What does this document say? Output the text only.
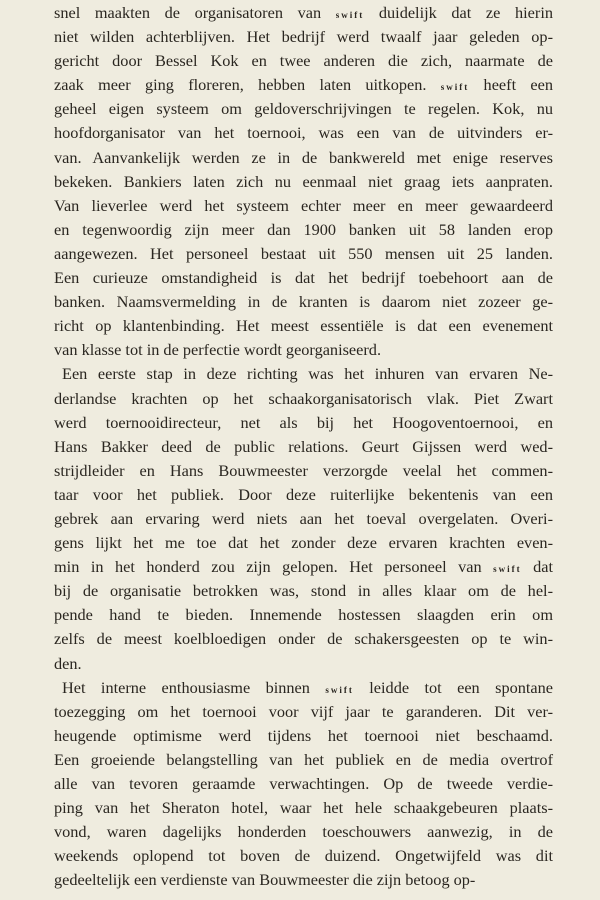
snel maakten de organisatoren van swift duidelijk dat ze hierin
niet wilden achterblijven. Het bedrijf werd twaalf jaar geleden op-
gericht door Bessel Kok en twee anderen die zich, naarmate de
zaak meer ging floreren, hebben laten uitkopen. swift heeft een
geheel eigen systeem om geldoverschrijvingen te regelen. Kok, nu
hoofdorganisator van het toernooi, was een van de uitvinders er-
van. Aanvankelijk werden ze in de bankwereld met enige reserves
bekeken. Bankiers laten zich nu eenmaal niet graag iets aanpraten.
Van lieverlee werd het systeem echter meer en meer gewaardeerd
en tegenwoordig zijn meer dan 1900 banken uit 58 landen erop
aangewezen. Het personeel bestaat uit 550 mensen uit 25 landen.
Een curieuze omstandigheid is dat het bedrijf toebehoort aan de
banken. Naamsvermelding in de kranten is daarom niet zozeer ge-
richt op klantenbinding. Het meest essentiële is dat een evenement
van klasse tot in de perfectie wordt georganiseerd.
Een eerste stap in deze richting was het inhuren van ervaren Ne-
derlandse krachten op het schaakorganisatorisch vlak. Piet Zwart
werd toernooidirecteur, net als bij het Hoogoventoernooi, en
Hans Bakker deed de public relations. Geurt Gijssen werd wed-
strijdleider en Hans Bouwmeester verzorgde veelal het commen-
taar voor het publiek. Door deze ruiterlijke bekentenis van een
gebrek aan ervaring werd niets aan het toeval overgelaten. Overi-
gens lijkt het me toe dat het zonder deze ervaren krachten even-
min in het honderd zou zijn gelopen. Het personeel van swift dat
bij de organisatie betrokken was, stond in alles klaar om de hel-
pende hand te bieden. Innemende hostessen slaagden erin om
zelfs de meest koelbloedigen onder de schakersgeesten op te win-
den.
Het interne enthousiasme binnen swift leidde tot een spontane
toezegging om het toernooi voor vijf jaar te garanderen. Dit ver-
heugende optimisme werd tijdens het toernooi niet beschaamd.
Een groeiende belangstelling van het publiek en de media overtrof
alle van tevoren geraamde verwachtingen. Op de tweede verdie-
ping van het Sheraton hotel, waar het hele schaakgebeuren plaats-
vond, waren dagelijks honderden toeschouwers aanwezig, in de
weekends oplopend tot boven de duizend. Ongetwijfeld was dit
gedeeltelijk een verdienste van Bouwmeester die zijn betoog op-
